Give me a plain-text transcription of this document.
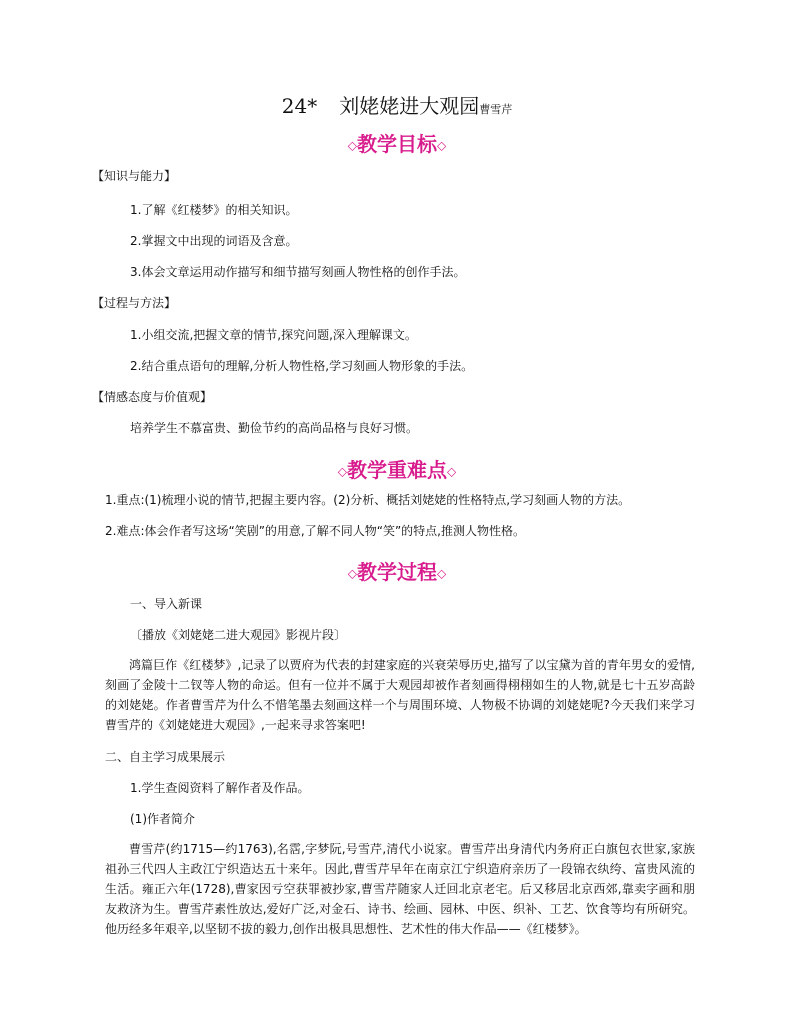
24* 刘姥姥进大观园曹雪芹
◇教学目标◇
【知识与能力】
1.了解《红楼梦》的相关知识。
2.掌握文中出现的词语及含意。
3.体会文章运用动作描写和细节描写刻画人物性格的创作手法。
【过程与方法】
1.小组交流,把握文章的情节,探究问题,深入理解课文。
2.结合重点语句的理解,分析人物性格,学习刻画人物形象的手法。
【情感态度与价值观】
培养学生不慕富贵、勤俭节约的高尚品格与良好习惯。
◇教学重难点◇
1.重点:(1)梳理小说的情节,把握主要内容。(2)分析、概括刘姥姥的性格特点,学习刻画人物的方法。
2.难点:体会作者写这场“笑剧”的用意,了解不同人物“笑”的特点,推测人物性格。
◇教学过程◇
一、导入新课
〔播放《刘姥姥二进大观园》影视片段〕
鸿篇巨作《红楼梦》,记录了以贾府为代表的封建家庭的兴衰荣辱历史,描写了以宝黛为首的青年男女的爱情,刻画了金陵十二钗等人物的命运。但有一位并不属于大观园却被作者刻画得栩栩如生的人物,就是七十五岁高龄的刘姥姥。作者曹雪芹为什么不惜笔墨去刻画这样一个与周围环境、人物极不协调的刘姥姥呢?今天我们来学习曹雪芹的《刘姥姥进大观园》,一起来寻求答案吧!
二、自主学习成果展示
1.学生查阅资料了解作者及作品。
(1)作者简介
曹雪芹(约1715—约1763),名霑,字梦阮,号雪芹,清代小说家。曹雪芹出身清代内务府正白旗包衣世家,家族祖孙三代四人主政江宁织造达五十来年。因此,曹雪芹早年在南京江宁织造府亲历了一段锦衣纨绔、富贵风流的生活。雍正六年(1728),曹家因亏空获罪被抄家,曹雪芹随家人迁回北京老宅。后又移居北京西郊,靠卖字画和朋友救济为生。曹雪芹素性放达,爱好广泛,对金石、诗书、绘画、园林、中医、织补、工艺、饮食等均有所研究。他历经多年艰辛,以坚韧不拔的毅力,创作出极具思想性、艺术性的伟大作品——《红楼梦》。
